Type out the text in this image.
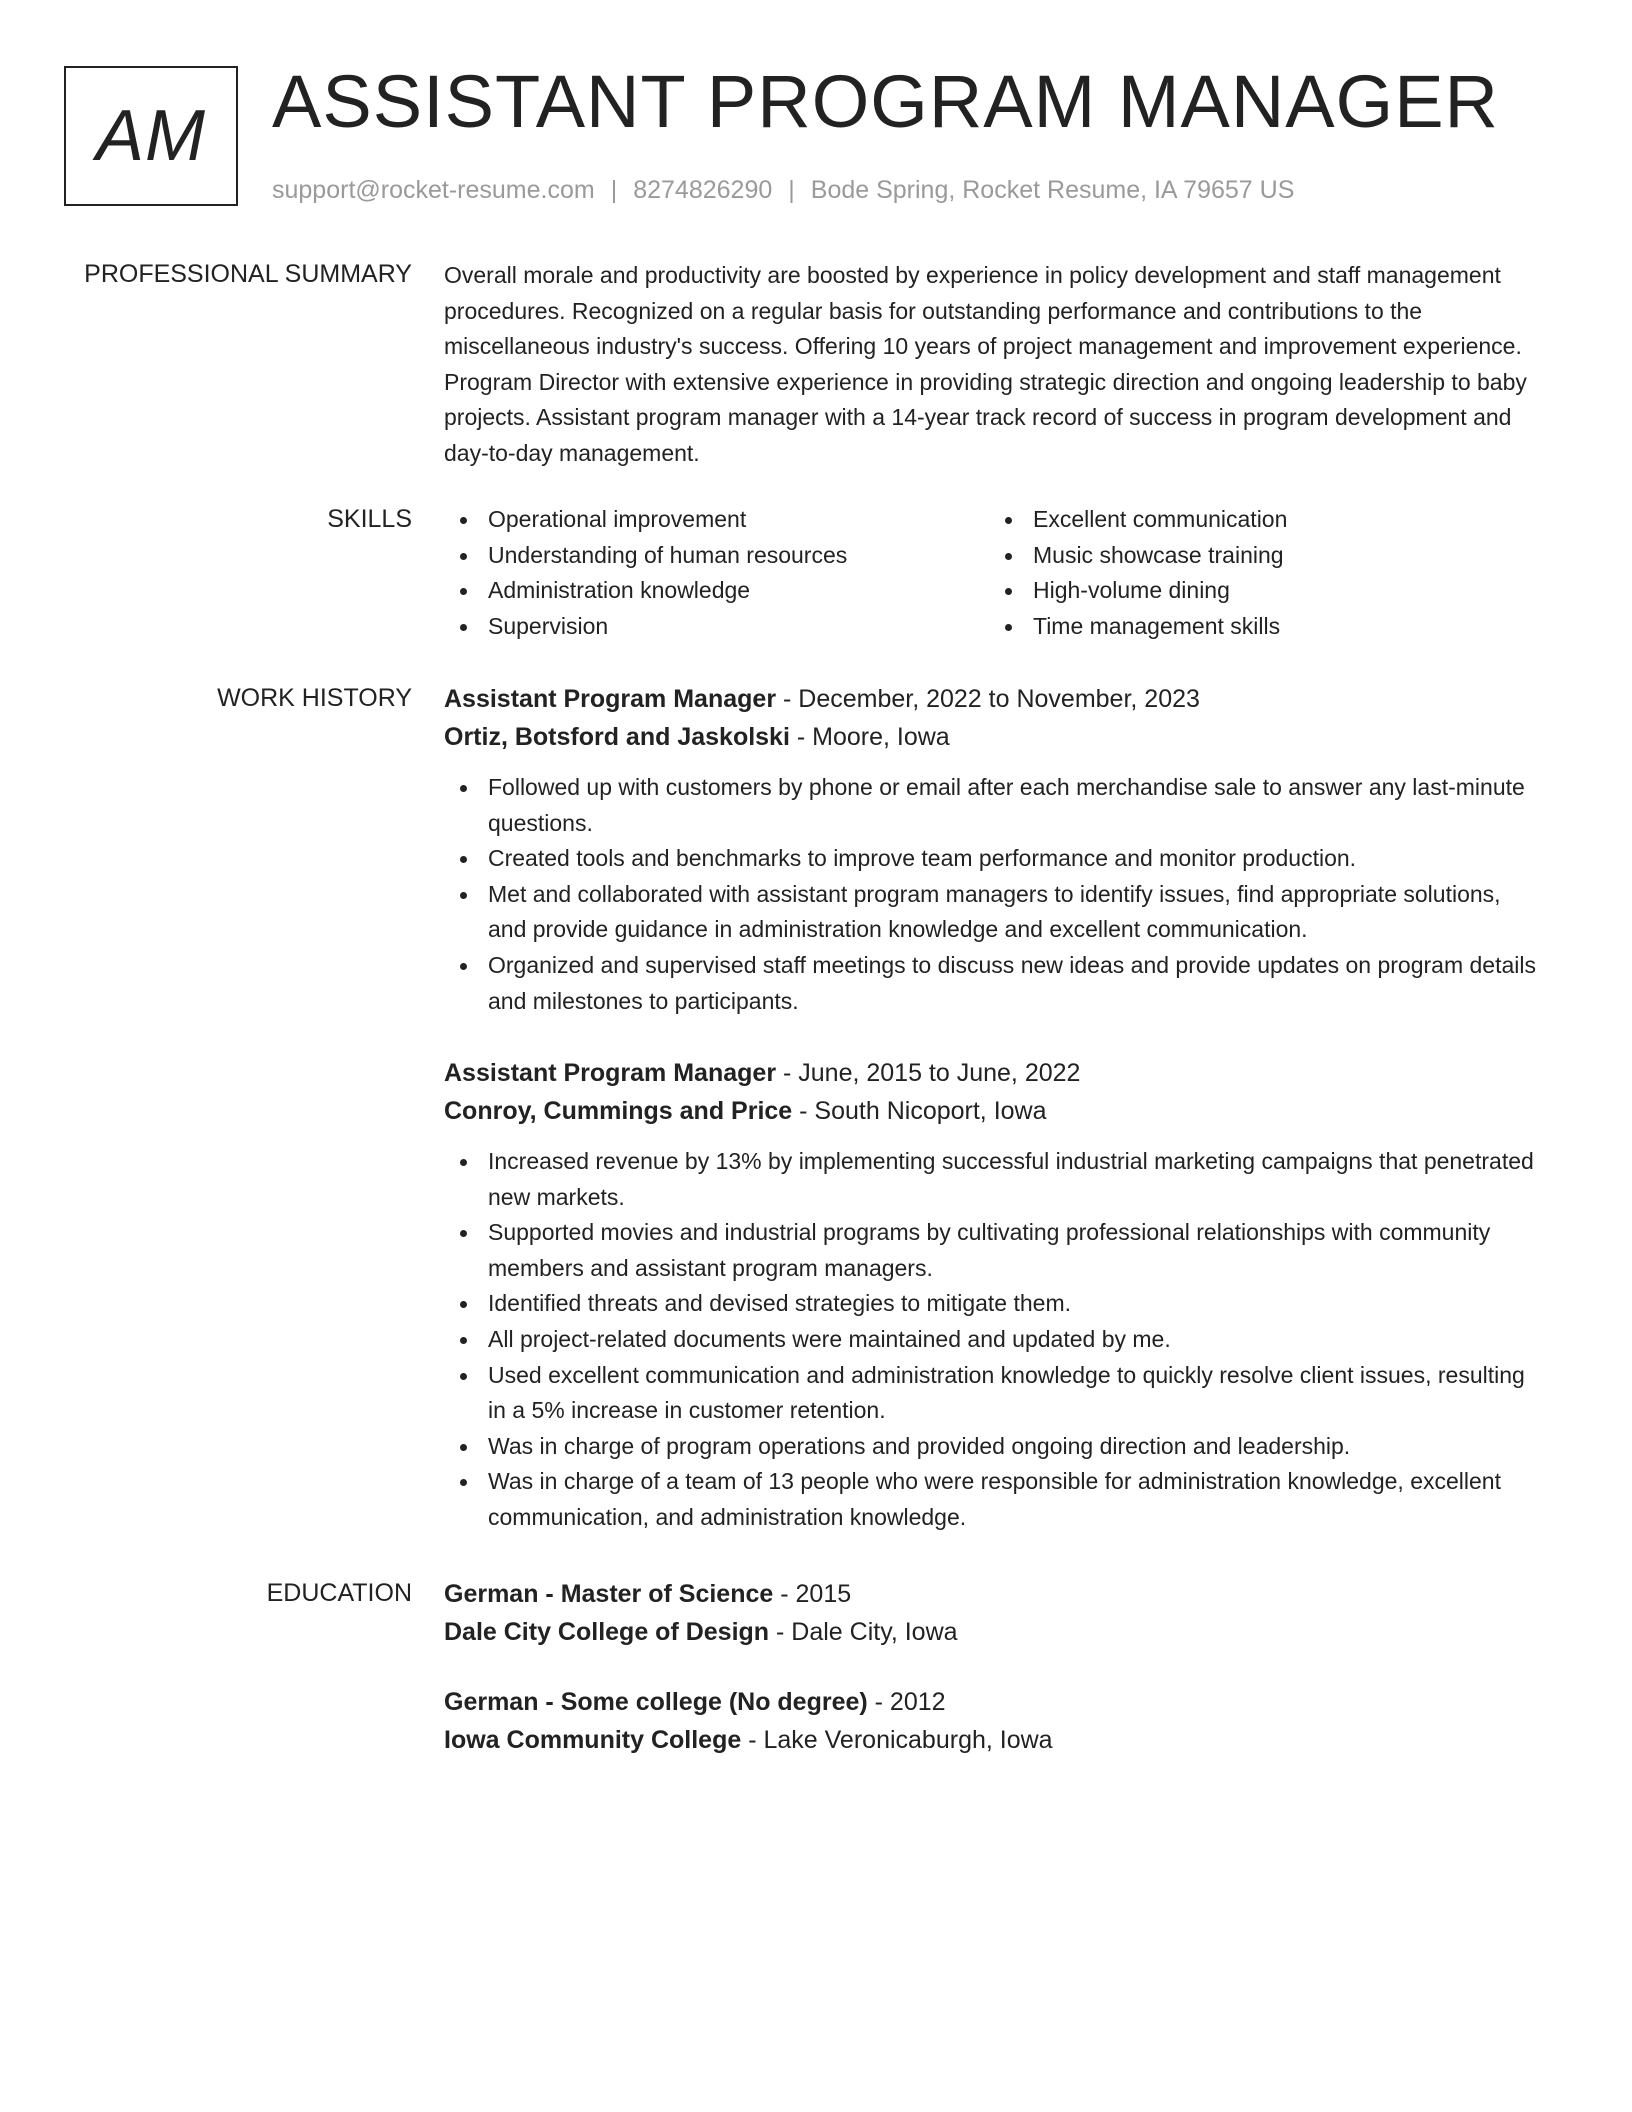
AM ASSISTANT PROGRAM MANAGER
support@rocket-resume.com | 8274826290 | Bode Spring, Rocket Resume, IA 79657 US
PROFESSIONAL SUMMARY Overall morale and productivity are boosted by experience in policy development and staff management procedures. Recognized on a regular basis for outstanding performance and contributions to the miscellaneous industry's success. Offering 10 years of project management and improvement experience. Program Director with extensive experience in providing strategic direction and ongoing leadership to baby projects. Assistant program manager with a 14-year track record of success in program development and day-to-day management.

SKILLS	Operational improvement
Understanding of human resources
Administration knowledge
Supervision
Excellent communication
Music showcase training
High-volume dining
Time management skills
WORK HISTORY Assistant Program Manager - December, 2022 to November, 2023
Ortiz, Botsford and Jaskolski - Moore, Iowa
Followed up with customers by phone or email after each merchandise sale to answer any last-minute questions.
Created tools and benchmarks to improve team performance and monitor production.
Met and collaborated with assistant program managers to identify issues, find appropriate solutions, and provide guidance in administration knowledge and excellent communication.
Organized and supervised staff meetings to discuss new ideas and provide updates on program details and milestones to participants.
Assistant Program Manager - June, 2015 to June, 2022
Conroy, Cummings and Price - South Nicoport, Iowa
Increased revenue by 13% by implementing successful industrial marketing campaigns that penetrated new markets.
Supported movies and industrial programs by cultivating professional relationships with community members and assistant program managers.
Identified threats and devised strategies to mitigate them.
All project-related documents were maintained and updated by me.
Used excellent communication and administration knowledge to quickly resolve client issues, resulting in a 5% increase in customer retention.
Was in charge of program operations and provided ongoing direction and leadership.
Was in charge of a team of 13 people who were responsible for administration knowledge, excellent communication, and administration knowledge.
EDUCATION German - Master of Science - 2015
Dale City College of Design - Dale City, Iowa
German - Some college (No degree) - 2012
Iowa Community College - Lake Veronicaburgh, Iowa
